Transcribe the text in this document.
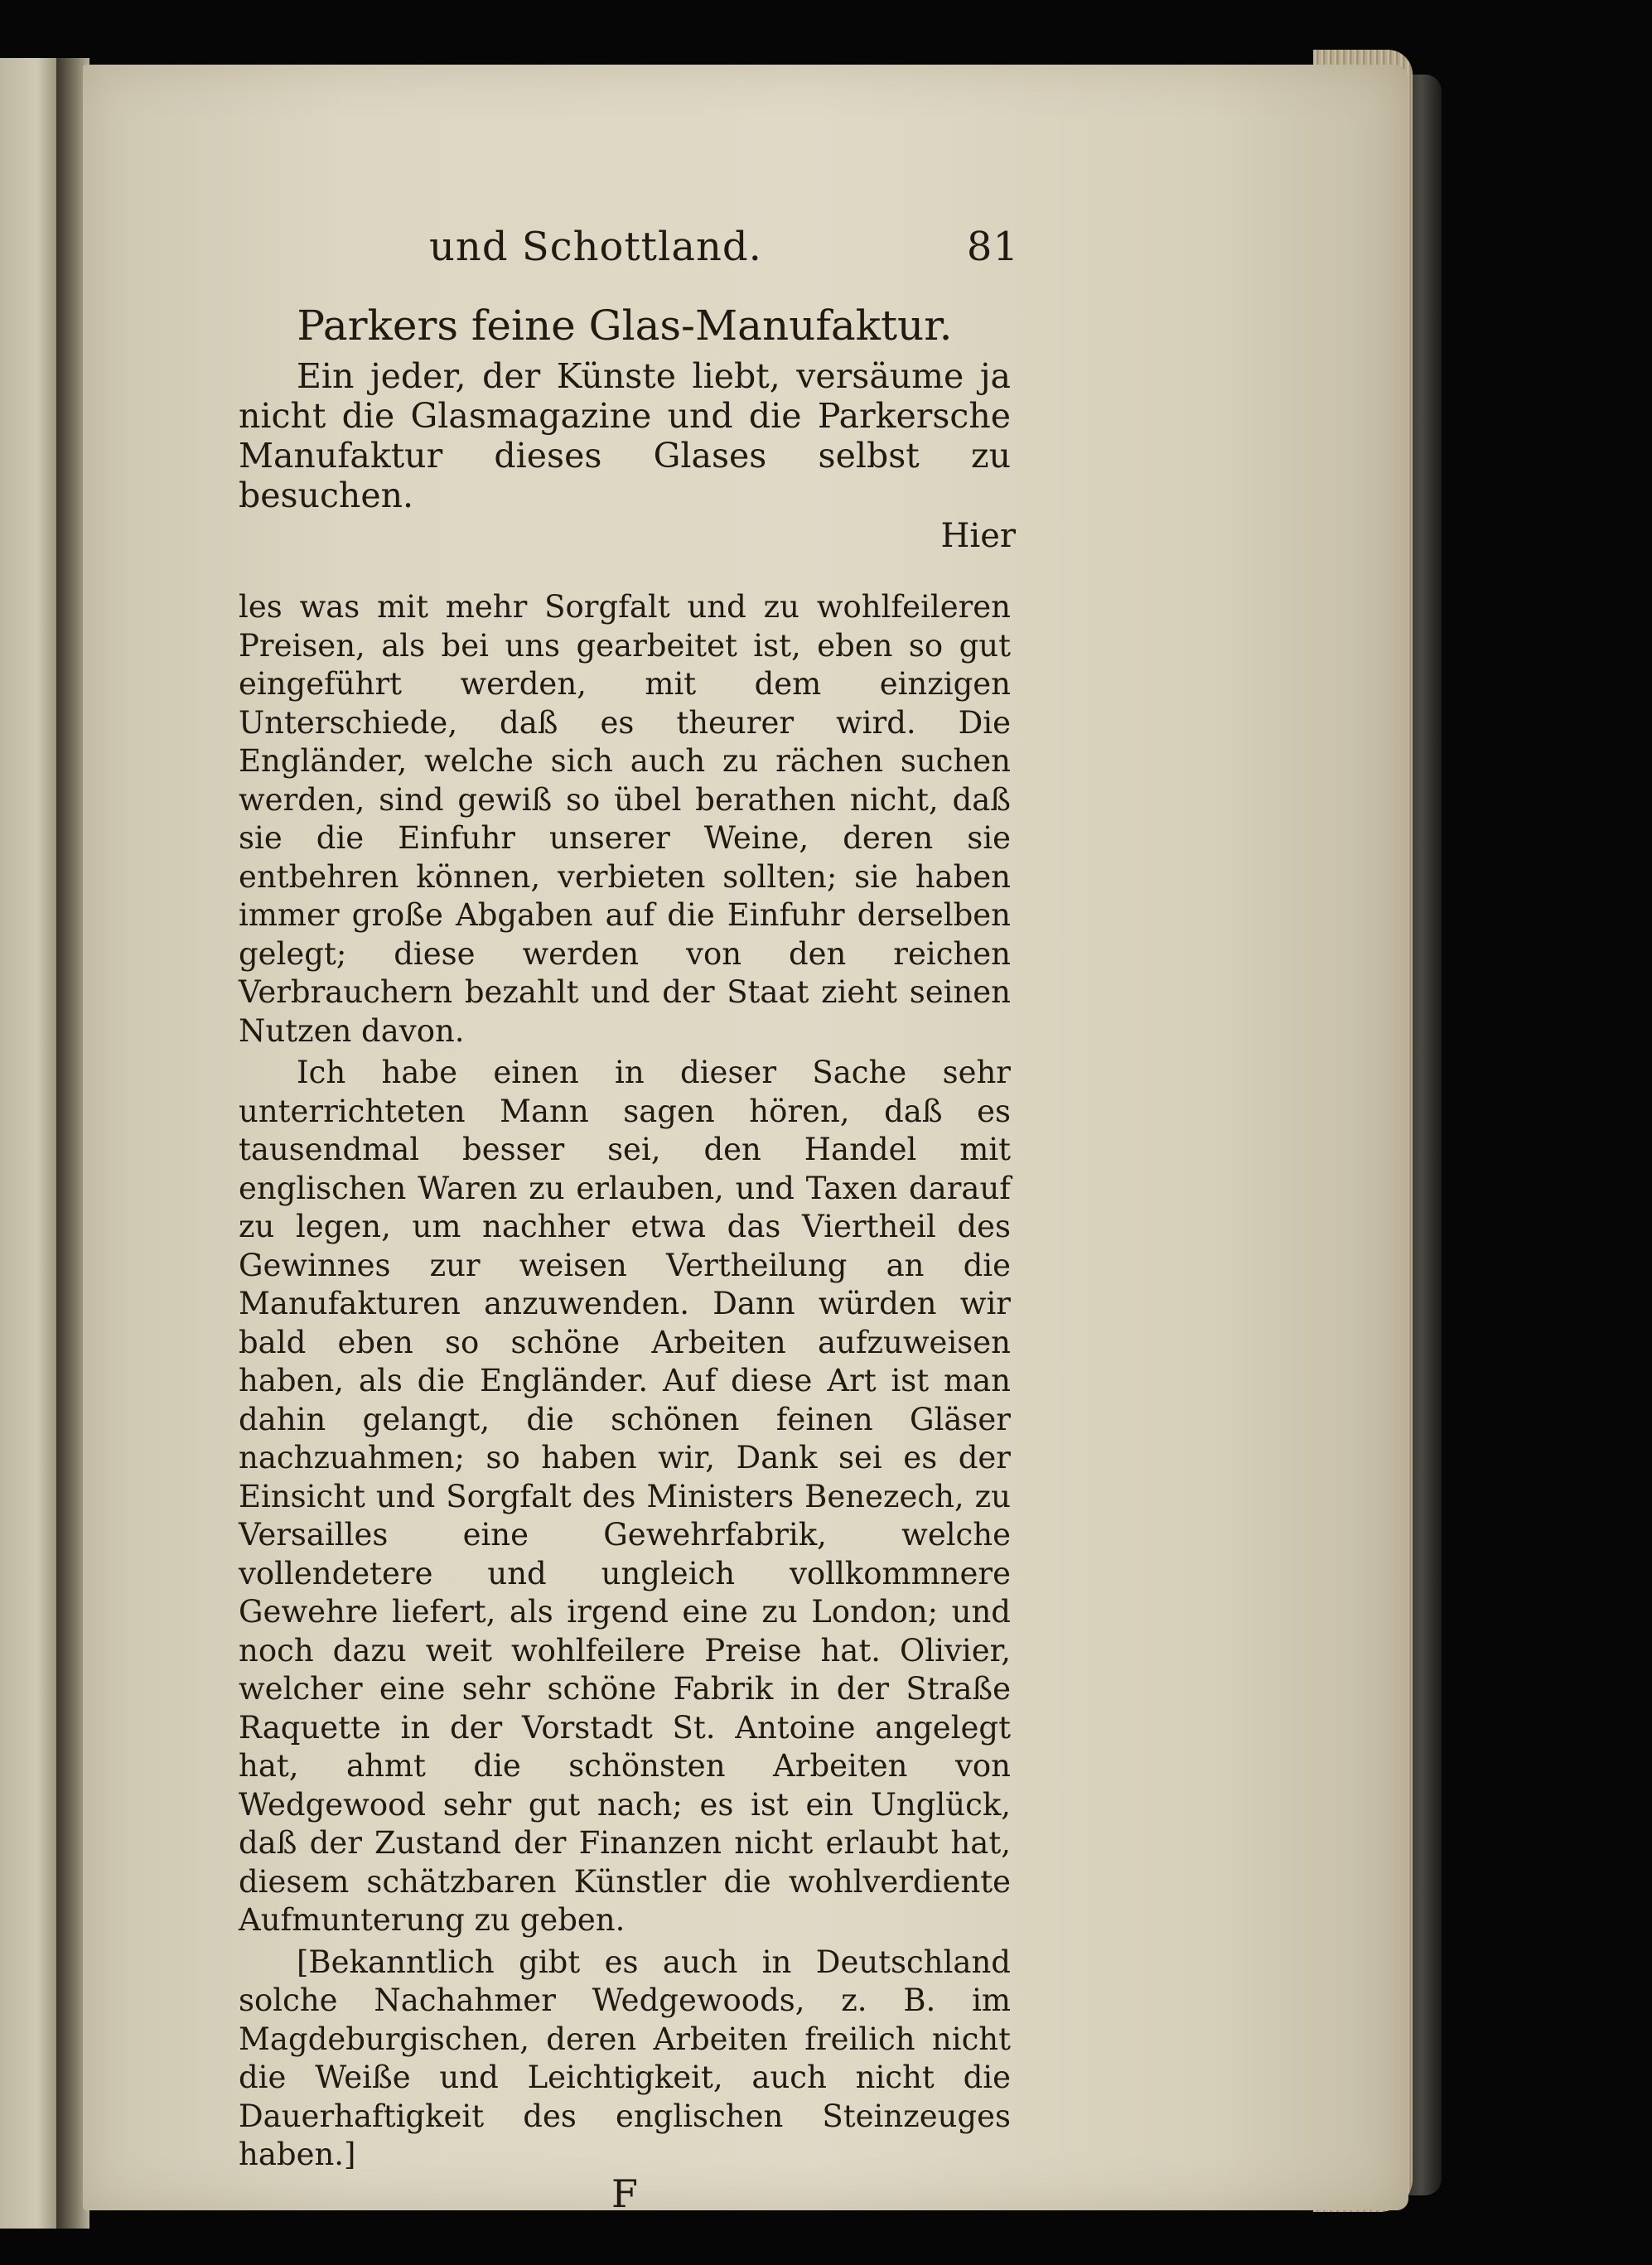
und Schottland.	81
Parkers feine Glas-Manufaktur.

Ein jeder, der Künste liebt, versäume ja nicht die Glasmagazine und die Parkersche Manufaktur dieses Glases selbst zu besuchen.

Hier

les was mit mehr Sorgfalt und zu wohlfeileren Preisen, als bei uns gearbeitet ist, eben so gut eingeführt werden, mit dem einzigen Unterschiede, daß es theurer wird. Die Engländer, welche sich auch zu rächen suchen werden, sind gewiß so übel berathen nicht, daß sie die Einfuhr unserer Weine, deren sie entbehren können, verbieten sollten; sie haben immer große Abgaben auf die Einfuhr derselben gelegt; diese werden von den reichen Verbrauchern bezahlt und der Staat zieht seinen Nutzen davon.

Ich habe einen in dieser Sache sehr unterrichteten Mann sagen hören, daß es tausendmal besser sei, den Handel mit englischen Waren zu erlauben, und Taxen darauf zu legen, um nachher etwa das Viertheil des Gewinnes zur weisen Vertheilung an die Manufakturen anzuwenden. Dann würden wir bald eben so schöne Arbeiten aufzuweisen haben, als die Engländer. Auf diese Art ist man dahin gelangt, die schönen feinen Gläser nachzuahmen; so haben wir, Dank sei es der Einsicht und Sorgfalt des Ministers Benezech, zu Versailles eine Gewehrfabrik, welche vollendetere und ungleich vollkommnere Gewehre liefert, als irgend eine zu London; und noch dazu weit wohlfeilere Preise hat. Olivier, welcher eine sehr schöne Fabrik in der Straße Raquette in der Vorstadt St. Antoine angelegt hat, ahmt die schönsten Arbeiten von Wedgewood sehr gut nach; es ist ein Unglück, daß der Zustand der Finanzen nicht erlaubt hat, diesem schätzbaren Künstler die wohlverdiente Aufmunterung zu geben.

[Bekanntlich gibt es auch in Deutschland solche Nachahmer Wedgewoods, z. B. im Magdeburgischen, deren Arbeiten freilich nicht die Weiße und Leichtigkeit, auch nicht die Dauerhaftigkeit des englischen Steinzeuges haben.]

F
